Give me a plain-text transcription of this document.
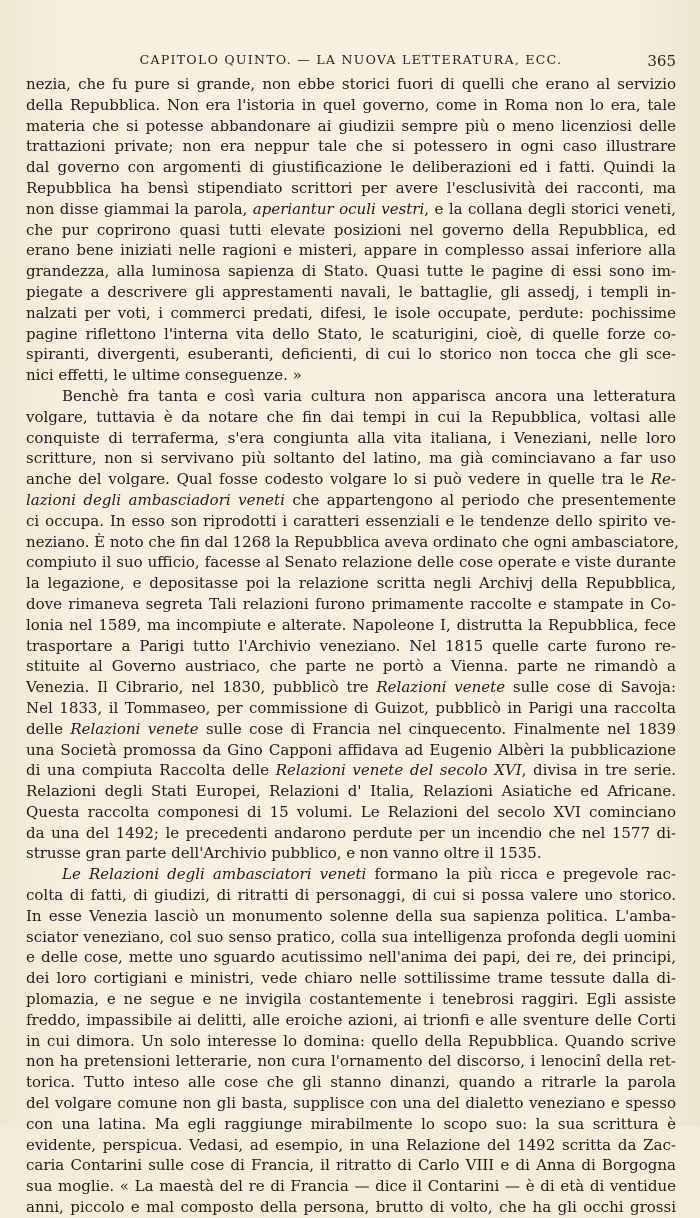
CAPITOLO QUINTO. — LA NUOVA LETTERATURA, ECC.	365
nezia, che fu pure si grande, non ebbe storici fuori di quelli che erano al servizio
della Repubblica. Non era l'istoria in quel governo, come in Roma non lo era, tale
materia che si potesse abbandonare ai giudizii sempre più o meno licenziosi delle
trattazioni private; non era neppur tale che si potessero in ogni caso illustrare
dal governo con argomenti di giustificazione le deliberazioni ed i fatti. Quindi la
Repubblica ha bensì stipendiato scrittori per avere l'esclusività dei racconti, ma
non disse giammai la parola, aperiantur oculi vestri, e la collana degli storici veneti,
che pur coprirono quasi tutti elevate posizioni nel governo della Repubblica, ed
erano bene iniziati nelle ragioni e misteri, appare in complesso assai inferiore alla
grandezza, alla luminosa sapienza di Stato. Quasi tutte le pagine di essi sono im-
piegate a descrivere gli apprestamenti navali, le battaglie, gli assedj, i templi in-
nalzati per voti, i commerci predati, difesi, le isole occupate, perdute: pochissime
pagine riflettono l'interna vita dello Stato, le scaturigini, cioè, di quelle forze co-
spiranti, divergenti, esuberanti, deficienti, di cui lo storico non tocca che gli sce-
nici effetti, le ultime conseguenze. »
Benchè fra tanta e così varia cultura non apparisca ancora una letteratura
volgare, tuttavia è da notare che fin dai tempi in cui la Repubblica, voltasi alle
conquiste di terraferma, s'era congiunta alla vita italiana, i Veneziani, nelle loro
scritture, non si servivano più soltanto del latino, ma già cominciavano a far uso
anche del volgare. Qual fosse codesto volgare lo si può vedere in quelle tra le Re-
lazioni degli ambasciadori veneti che appartengono al periodo che presentemente
ci occupa. In esso son riprodotti i caratteri essenziali e le tendenze dello spirito ve-
neziano. È noto che fin dal 1268 la Repubblica aveva ordinato che ogni ambasciatore,
compiuto il suo ufficio, facesse al Senato relazione delle cose operate e viste durante
la legazione, e depositasse poi la relazione scritta negli Archivj della Repubblica,
dove rimaneva segreta Tali relazioni furono primamente raccolte e stampate in Co-
lonia nel 1589, ma incompiute e alterate. Napoleone I, distrutta la Repubblica, fece
trasportare a Parigi tutto l'Archivio veneziano. Nel 1815 quelle carte furono re-
stituite al Governo austriaco, che parte ne portò a Vienna. parte ne rimandò a
Venezia. Il Cibrario, nel 1830, pubblicò tre Relazioni venete sulle cose di Savoja:
Nel 1833, il Tommaseo, per commissione di Guizot, pubblicò in Parigi una raccolta
delle Relazioni venete sulle cose di Francia nel cinquecento. Finalmente nel 1839
una Società promossa da Gino Capponi affidava ad Eugenio Albèri la pubblicazione
di una compiuta Raccolta delle Relazioni venete del secolo XVI, divisa in tre serie.
Relazioni degli Stati Europei, Relazioni d' Italia, Relazioni Asiatiche ed Africane.
Questa raccolta componesi di 15 volumi. Le Relazioni del secolo XVI cominciano
da una del 1492; le precedenti andarono perdute per un incendio che nel 1577 di-
strusse gran parte dell'Archivio pubblico, e non vanno oltre il 1535.
Le Relazioni degli ambasciatori veneti formano la più ricca e pregevole rac-
colta di fatti, di giudizi, di ritratti di personaggi, di cui si possa valere uno storico.
In esse Venezia lasciò un monumento solenne della sua sapienza politica. L'amba-
sciator veneziano, col suo senso pratico, colla sua intelligenza profonda degli uomini
e delle cose, mette uno sguardo acutissimo nell'anima dei papi, dei re, dei principi,
dei loro cortigiani e ministri, vede chiaro nelle sottilissime trame tessute dalla di-
plomazia, e ne segue e ne invigila costantemente i tenebrosi raggiri. Egli assiste
freddo, impassibile ai delitti, alle eroiche azioni, ai trionfi e alle sventure delle Corti
in cui dimora. Un solo interesse lo domina: quello della Repubblica. Quando scrive
non ha pretensioni letterarie, non cura l'ornamento del discorso, i lenocinî della ret-
torica. Tutto inteso alle cose che gli stanno dinanzi, quando a ritrarle la parola
del volgare comune non gli basta, supplisce con una del dialetto veneziano e spesso
con una latina. Ma egli raggiunge mirabilmente lo scopo suo: la sua scrittura è
evidente, perspicua. Vedasi, ad esempio, in una Relazione del 1492 scritta da Zac-
caria Contarini sulle cose di Francia, il ritratto di Carlo VIII e di Anna di Borgogna
sua moglie. « La maestà del re di Francia — dice il Contarini — è di età di ventidue
anni, piccolo e mal composto della persona, brutto di volto, che ha gli occhi grossi
